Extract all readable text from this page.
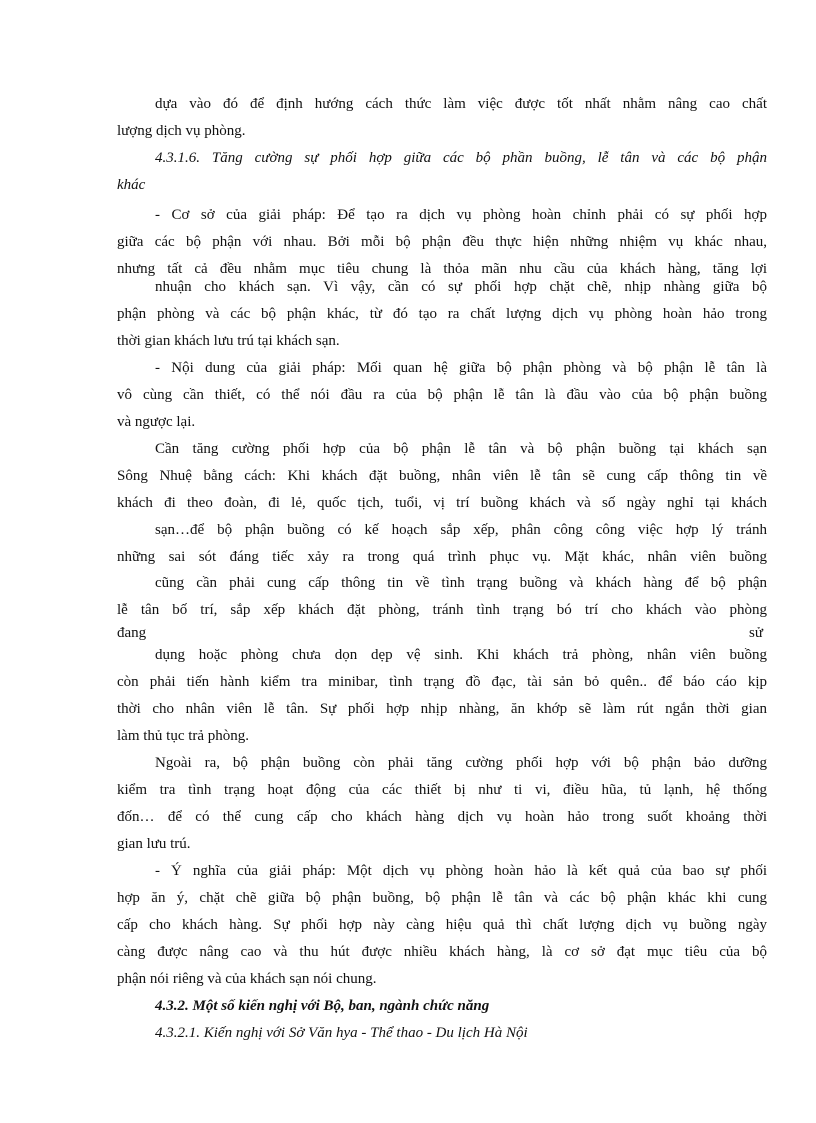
dựa vào đó để định hướng cách thức làm việc được tốt nhất nhằm nâng cao chất
lượng dịch vụ phòng.
4.3.1.6. Tăng cường sự phối hợp giữa các bộ phần buồng, lễ tân và các bộ phận
khác
- Cơ sở của giải pháp: Để tạo ra dịch vụ phòng hoàn chỉnh phải có sự phối hợp
giữa các bộ phận với nhau. Bởi mỗi bộ phận đều thực hiện những nhiệm vụ khác nhau,
nhưng tất cả đều nhằm mục tiêu chung là thỏa mãn nhu cầu của khách hàng, tăng lợi
nhuận cho khách sạn. Vì vậy, cần có sự phối hợp chặt chẽ, nhịp nhàng giữa bộ
phận phòng và các bộ phận khác, từ đó tạo ra chất lượng dịch vụ phòng hoàn hảo trong
thời gian khách lưu trú tại khách sạn.
- Nội dung của giải pháp: Mối quan hệ giữa bộ phận phòng và bộ phận lễ tân là
vô cùng cần thiết, có thể nói đầu ra của bộ phận lễ tân là đầu vào của bộ phận buồng
và ngược lại.
Cần tăng cường phối hợp của bộ phận lễ tân và bộ phận buồng tại khách sạn
Sông Nhuệ bằng cách: Khi khách đặt buồng, nhân viên lễ tân sẽ cung cấp thông tin về
khách đi theo đoàn, đi lẻ, quốc tịch, tuổi, vị trí buồng khách và số ngày nghỉ tại khách
sạn…để bộ phận buồng có kế hoạch sắp xếp, phân công công việc hợp lý tránh
những sai sót đáng tiếc xảy ra trong quá trình phục vụ. Mặt khác, nhân viên buồng
cũng cần phải cung cấp thông tin về tình trạng buồng và khách hàng để bộ phận
lễ tân bố trí, sắp xếp khách đặt phòng, tránh tình trạng bó trí cho khách vào phòng
đang	sử
dụng hoặc phòng chưa dọn dẹp vệ sinh. Khi khách trả phòng, nhân viên buồng
còn phải tiến hành kiểm tra minibar, tình trạng đồ đạc, tài sản bỏ quên.. để báo cáo kịp
thời cho nhân viên lễ tân. Sự phối hợp nhịp nhàng, ăn khớp sẽ làm rút ngắn thời gian
làm thủ tục trả phòng.
Ngoài ra, bộ phận buồng còn phải tăng cường phối hợp với bộ phận bảo dưỡng
kiểm tra tình trạng hoạt động của các thiết bị như ti vi, điều hũa, tủ lạnh, hệ thống
đốn… để có thể cung cấp cho khách hàng dịch vụ hoàn hảo trong suốt khoảng thời
gian lưu trú.
- Ý nghĩa của giải pháp: Một dịch vụ phòng hoàn hảo là kết quả của bao sự phối
hợp ăn ý, chặt chẽ giữa bộ phận buồng, bộ phận lễ tân và các bộ phận khác khi cung
cấp cho khách hàng. Sự phối hợp này càng hiệu quả thì chất lượng dịch vụ buồng ngày
càng được nâng cao và thu hút được nhiều khách hàng, là cơ sở đạt mục tiêu của bộ
phận nói riêng và của khách sạn nói chung.
4.3.2. Một số kiến nghị với Bộ, ban, ngành chức năng
4.3.2.1. Kiến nghị với Sở Văn hya - Thể thao - Du lịch Hà Nội
